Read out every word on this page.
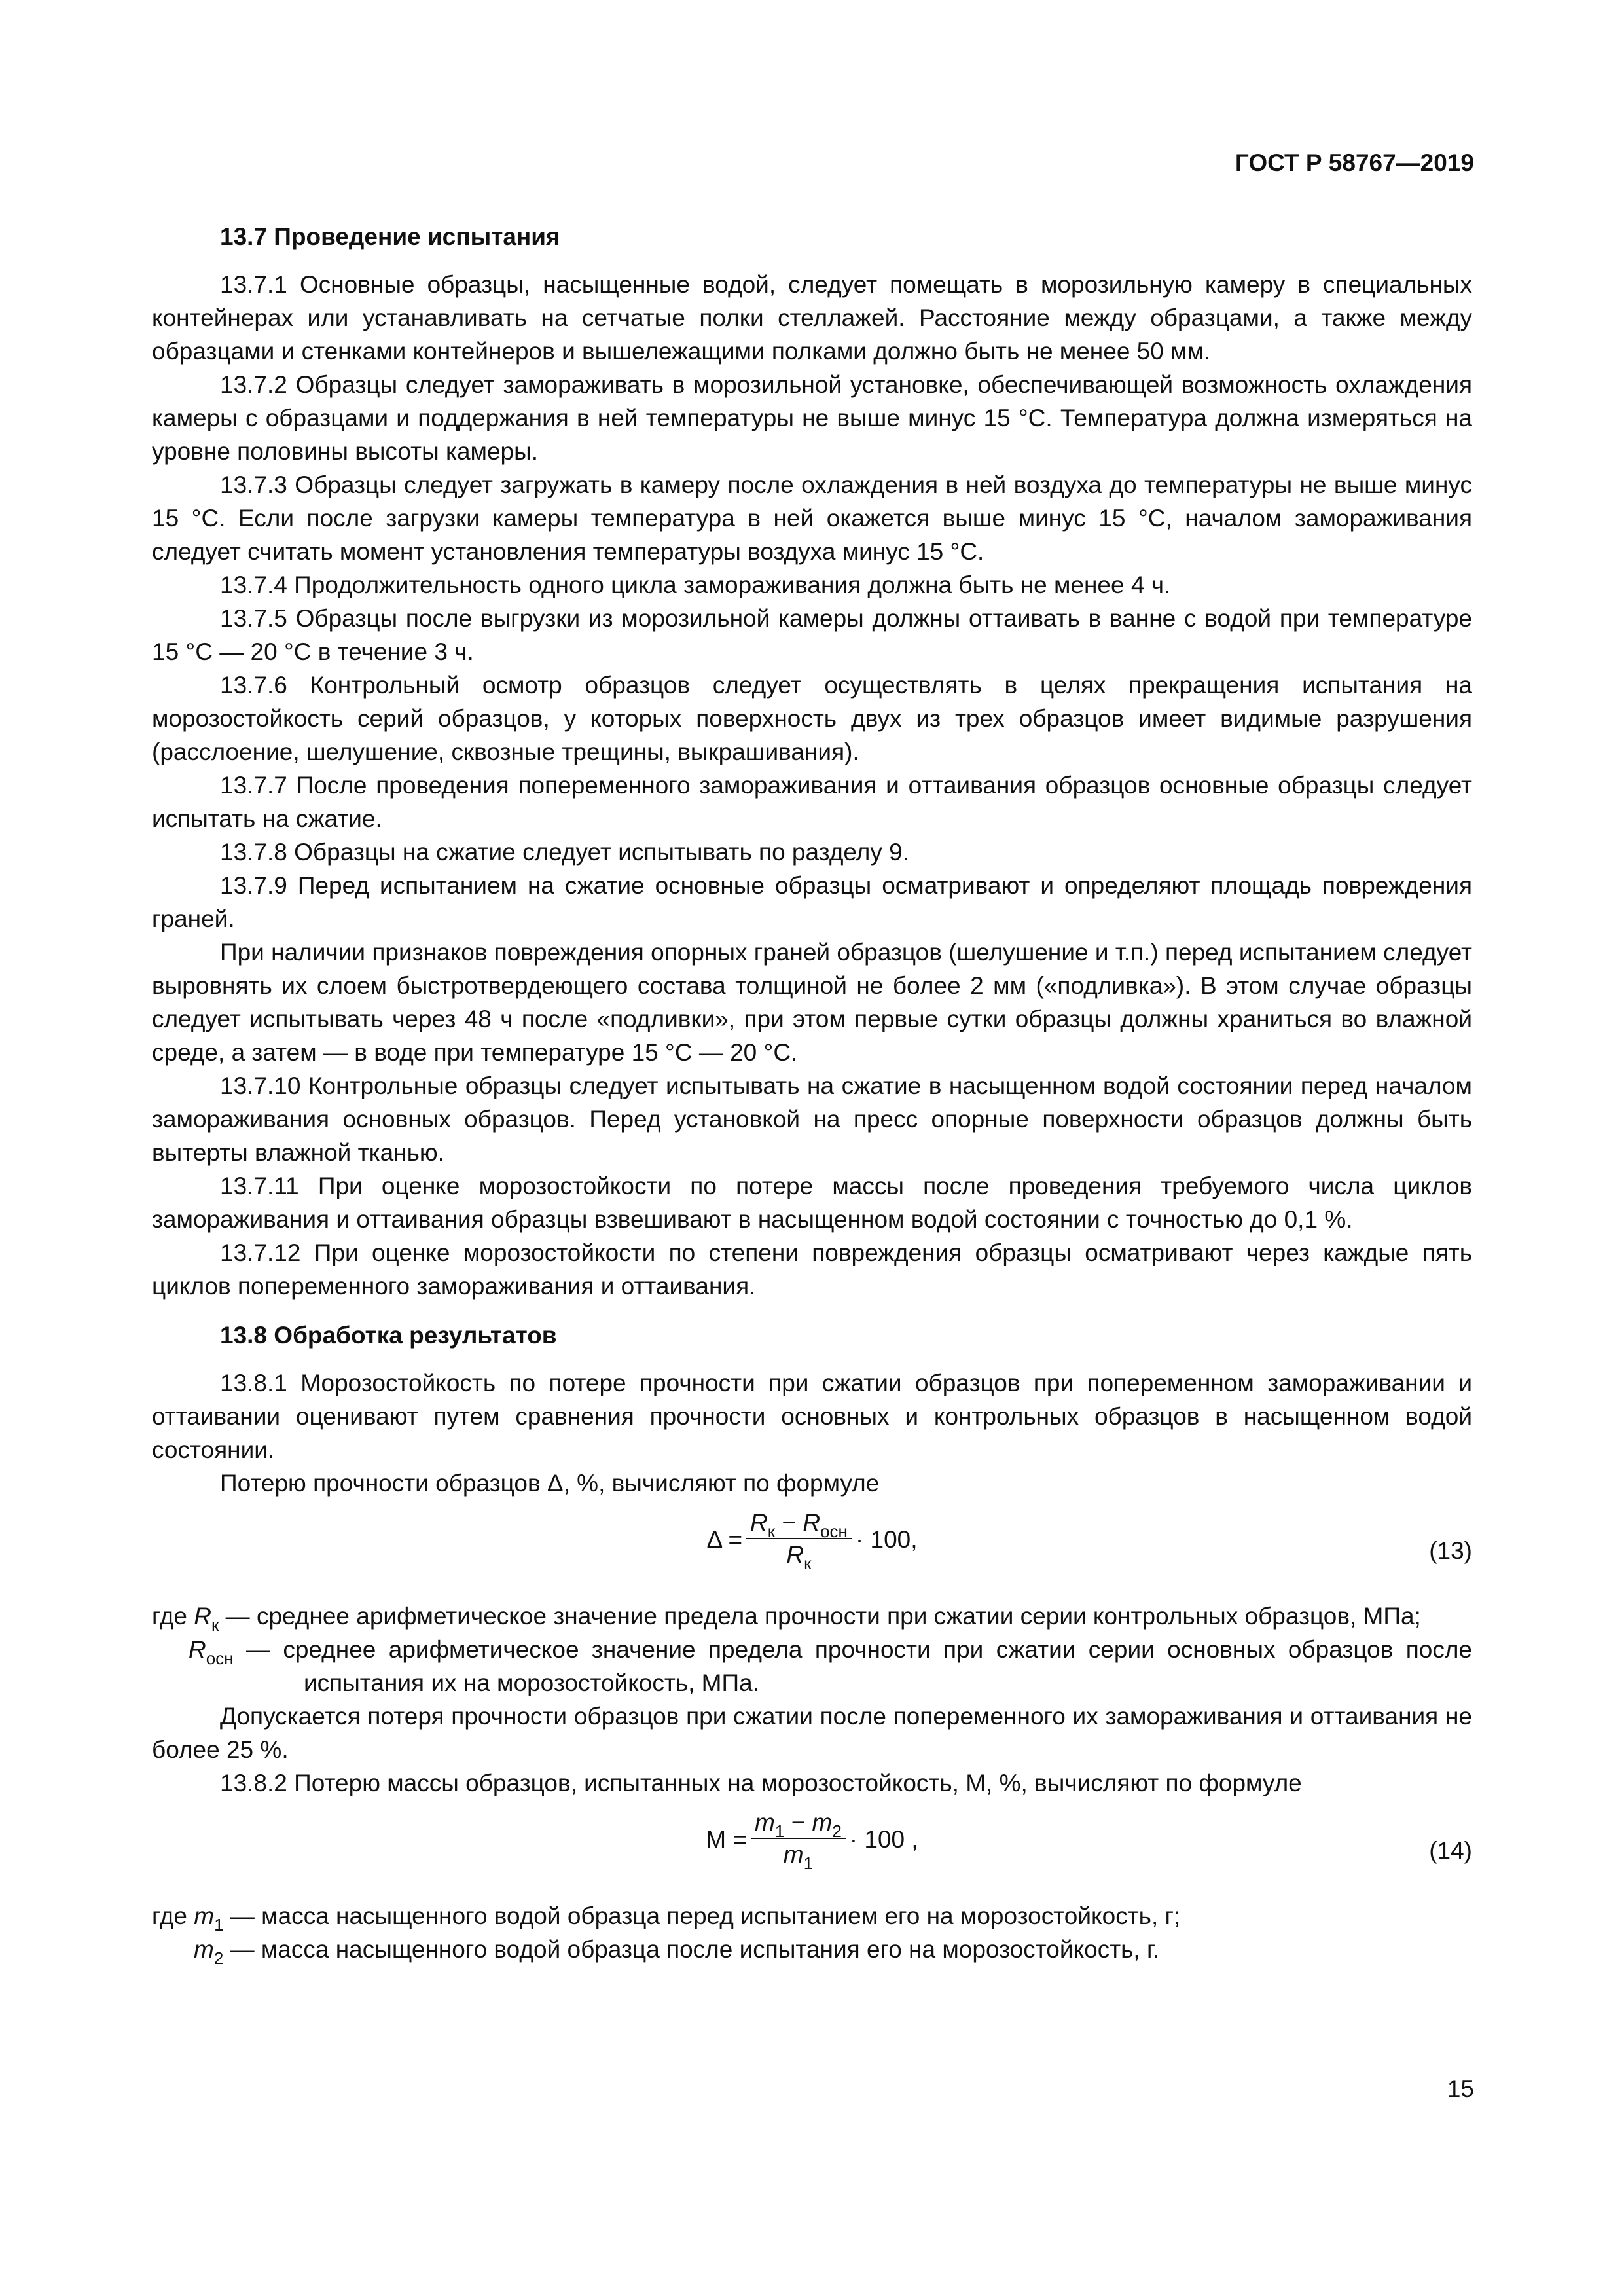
ГОСТ Р 58767—2019

13.7 Проведение испытания

13.7.1 Основные образцы, насыщенные водой, следует помещать в морозильную камеру в специальных контейнерах или устанавливать на сетчатые полки стеллажей. Расстояние между образцами, а также между образцами и стенками контейнеров и вышележащими полками должно быть не менее 50 мм.

13.7.2 Образцы следует замораживать в морозильной установке, обеспечивающей возможность охлаждения камеры с образцами и поддержания в ней температуры не выше минус 15 °C. Температура должна измеряться на уровне половины высоты камеры.

13.7.3 Образцы следует загружать в камеру после охлаждения в ней воздуха до температуры не выше минус 15 °C. Если после загрузки камеры температура в ней окажется выше минус 15 °C, началом замораживания следует считать момент установления температуры воздуха минус 15 °C.

13.7.4 Продолжительность одного цикла замораживания должна быть не менее 4 ч.

13.7.5 Образцы после выгрузки из морозильной камеры должны оттаивать в ванне с водой при температуре 15 °C — 20 °C в течение 3 ч.

13.7.6 Контрольный осмотр образцов следует осуществлять в целях прекращения испытания на морозостойкость серий образцов, у которых поверхность двух из трех образцов имеет видимые разрушения (расслоение, шелушение, сквозные трещины, выкрашивания).

13.7.7 После проведения попеременного замораживания и оттаивания образцов основные образцы следует испытать на сжатие.

13.7.8 Образцы на сжатие следует испытывать по разделу 9.

13.7.9 Перед испытанием на сжатие основные образцы осматривают и определяют площадь повреждения граней.

При наличии признаков повреждения опорных граней образцов (шелушение и т.п.) перед испытанием следует выровнять их слоем быстротвердеющего состава толщиной не более 2 мм («подливка»). В этом случае образцы следует испытывать через 48 ч после «подливки», при этом первые сутки образцы должны храниться во влажной среде, а затем — в воде при температуре 15 °C — 20 °C.

13.7.10 Контрольные образцы следует испытывать на сжатие в насыщенном водой состоянии перед началом замораживания основных образцов. Перед установкой на пресс опорные поверхности образцов должны быть вытерты влажной тканью.

13.7.11 При оценке морозостойкости по потере массы после проведения требуемого числа циклов замораживания и оттаивания образцы взвешивают в насыщенном водой состоянии с точностью до 0,1 %.

13.7.12 При оценке морозостойкости по степени повреждения образцы осматривают через каждые пять циклов попеременного замораживания и оттаивания.

13.8 Обработка результатов

13.8.1 Морозостойкость по потере прочности при сжатии образцов при попеременном замораживании и оттаивании оценивают путем сравнения прочности основных и контрольных образцов в насыщенном водой состоянии.

Потерю прочности образцов Δ, %, вычисляют по формуле

$\Delta = \frac{R_к - R_{осн}}{R_к} \cdot 100$,	(13)

где $R_к$ — среднее арифметическое значение предела прочности при сжатии серии контрольных образцов, МПа;

$R_{осн}$ — среднее арифметическое значение предела прочности при сжатии серии основных образцов после испытания их на морозостойкость, МПа.

Допускается потеря прочности образцов при сжатии после попеременного их замораживания и оттаивания не более 25 %.

13.8.2 Потерю массы образцов, испытанных на морозостойкость, М, %, вычисляют по формуле

$M = \frac{m_1 - m_2}{m_1} \cdot 100$ ,	(14)

где $m_1$ — масса насыщенного водой образца перед испытанием его на морозостойкость, г;

$m_2$ — масса насыщенного водой образца после испытания его на морозостойкость, г.

15
